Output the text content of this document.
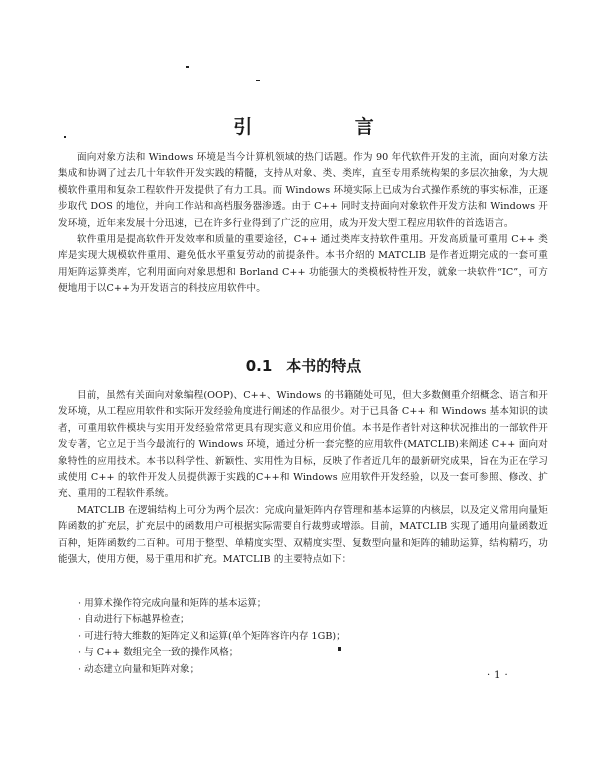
引 言

面向对象方法和 Windows 环境是当今计算机领域的热门话题。作为 90 年代软件开发的主流，面向对象方法集成和协调了过去几十年软件开发实践的精髓，支持从对象、类、类库，直至专用系统构架的多层次抽象，为大规模软件重用和复杂工程软件开发提供了有力工具。而 Windows 环境实际上已成为台式操作系统的事实标准，正逐步取代 DOS 的地位，并向工作站和高档服务器渗透。由于 C++ 同时支持面向对象软件开发方法和 Windows 开发环境，近年来发展十分迅速，已在许多行业得到了广泛的应用，成为开发大型工程应用软件的首选语言。

软件重用是提高软件开发效率和质量的重要途径，C++ 通过类库支持软件重用。开发高质量可重用 C++ 类库是实现大规模软件重用、避免低水平重复劳动的前提条件。本书介绍的 MATCLIB 是作者近期完成的一套可重用矩阵运算类库，它利用面向对象思想和 Borland C++ 功能强大的类模板特性开发，就象一块软件“IC”，可方便地用于以C++为开发语言的科技应用软件中。

0.1 本书的特点

目前，虽然有关面向对象编程(OOP)、C++、Windows 的书籍随处可见，但大多数侧重介绍概念、语言和开发环境，从工程应用软件和实际开发经验角度进行阐述的作品很少。对于已具备 C++ 和 Windows 基本知识的读者，可重用软件模块与实用开发经验常常更具有现实意义和应用价值。本书是作者针对这种状况推出的一部软件开发专著，它立足于当今最流行的 Windows 环境，通过分析一套完整的应用软件(MATCLIB)来阐述 C++ 面向对象特性的应用技术。本书以科学性、新颖性、实用性为目标，反映了作者近几年的最新研究成果，旨在为正在学习或使用 C++ 的软件开发人员提供源于实践的C++和 Windows 应用软件开发经验，以及一套可参照、修改、扩充、重用的工程软件系统。

MATCLIB 在逻辑结构上可分为两个层次：完成向量矩阵内存管理和基本运算的内核层，以及定义常用向量矩阵函数的扩充层，扩充层中的函数用户可根据实际需要自行裁剪或增添。目前，MATCLIB 实现了通用向量函数近百种，矩阵函数约二百种。可用于整型、单精度实型、双精度实型、复数型向量和矩阵的辅助运算，结构精巧，功能强大，使用方便，易于重用和扩充。MATCLIB 的主要特点如下：

· 用算术操作符完成向量和矩阵的基本运算；
· 自动进行下标越界检查；
· 可进行特大维数的矩阵定义和运算(单个矩阵容许内存 1GB)；
· 与 C++ 数组完全一致的操作风格；
· 动态建立向量和矩阵对象；
·1·
